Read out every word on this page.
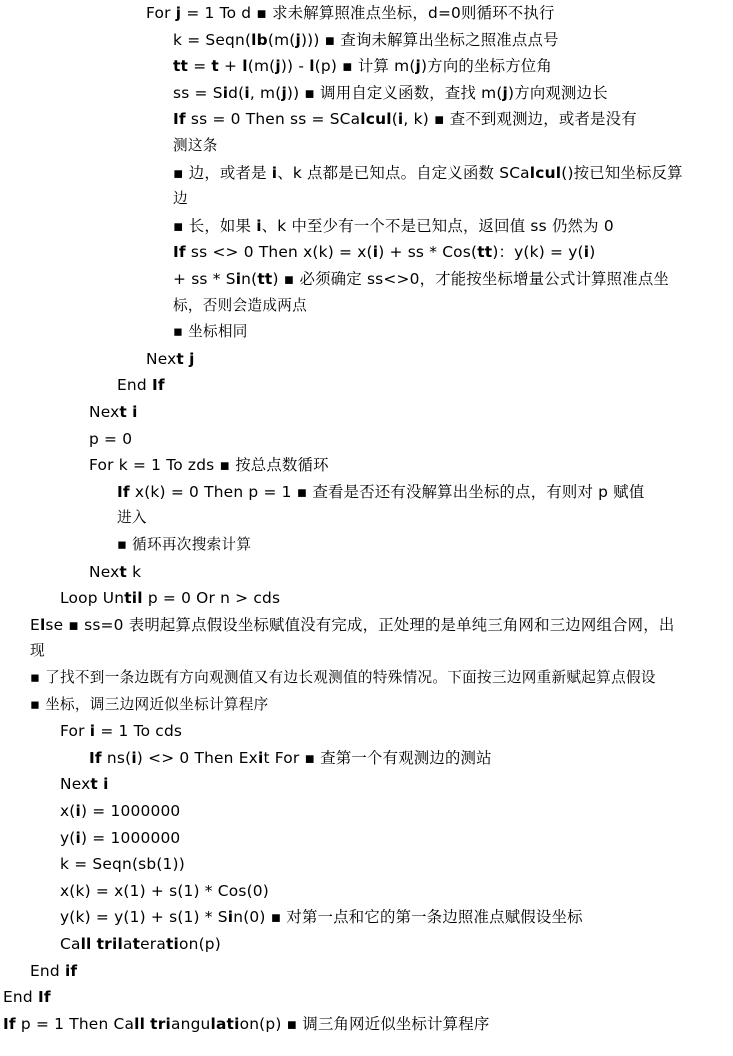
For j = 1 To d ▪ 求未解算照准点坐标，d=0则循环不执行
k = Seqn(lb(m(j))) ▪ 查询未解算出坐标之照准点点号
tt = t + l(m(j)) - l(p) ▪ 计算 m(j)方向的坐标方位角
ss = Sid(i, m(j)) ▪ 调用自定义函数，查找 m(j)方向观测边长
If ss = 0 Then ss = SCalcul(i, k) ▪ 查不到观测边，或者是没有
测这条
▪ 边，或者是 i、k 点都是已知点。自定义函数 SCalcul()按已知坐标反算
边
▪ 长，如果 i、k 中至少有一个不是已知点，返回值 ss 仍然为 0
If ss <> 0 Then x(k) = x(i) + ss * Cos(tt)：y(k) = y(i)
+ ss * Sin(tt) ▪ 必须确定 ss<>0，才能按坐标增量公式计算照准点坐
标，否则会造成两点
▪ 坐标相同
Next j
End If
Next i
p = 0
For k = 1 To zds ▪ 按总点数循环
If x(k) = 0 Then p = 1 ▪ 查看是否还有没解算出坐标的点，有则对 p 赋值
进入
▪ 循环再次搜索计算
Next k
Loop Until p = 0 Or n > cds
Else ▪ ss=0 表明起算点假设坐标赋值没有完成，正处理的是单纯三角网和三边网组合网，出
现
▪ 了找不到一条边既有方向观测值又有边长观测值的特殊情况。下面按三边网重新赋起算点假设
▪ 坐标，调三边网近似坐标计算程序
For i = 1 To cds
If ns(i) <> 0 Then Exit For ▪ 查第一个有观测边的测站
Next i
x(i) = 1000000
y(i) = 1000000
k = Seqn(sb(1))
x(k) = x(1) + s(1) * Cos(0)
y(k) = y(1) + s(1) * Sin(0) ▪ 对第一点和它的第一条边照准点赋假设坐标
Call trilateration(p)
End if
End If
If p = 1 Then Call triangulation(p) ▪ 调三角网近似坐标计算程序
